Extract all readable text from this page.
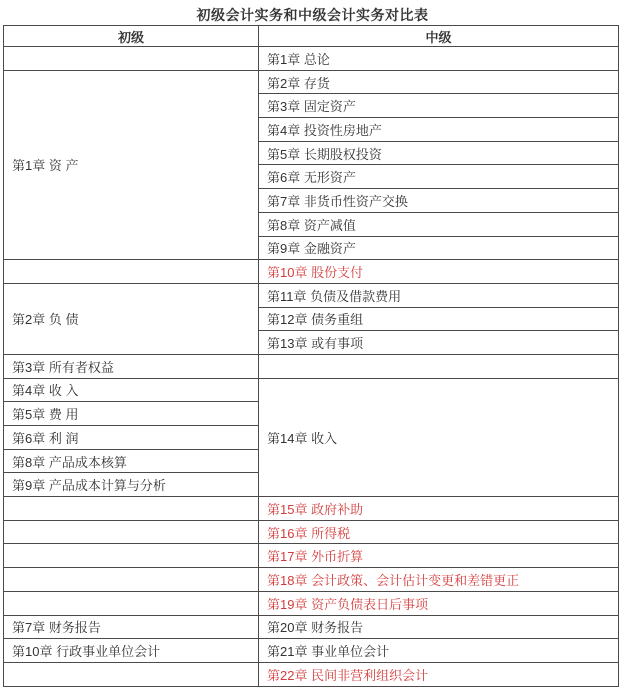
初级会计实务和中级会计实务对比表
初级	中级
	第1章 总论
第1章 资 产	第2章 存货
	第3章 固定资产
	第4章 投资性房地产
	第5章 长期股权投资
	第6章 无形资产
	第7章 非货币性资产交换
	第8章 资产减值
	第9章 金融资产
	第10章 股份支付
第2章 负 债	第11章 负债及借款费用
	第12章 债务重组
	第13章 或有事项
第3章 所有者权益	
第4章 收 入	第14章 收入
第5章 费 用	
第6章 利 润	
第8章 产品成本核算	
第9章 产品成本计算与分析	
	第15章 政府补助
	第16章 所得税
	第17章 外币折算
	第18章 会计政策、会计估计变更和差错更正
	第19章 资产负债表日后事项
第7章 财务报告	第20章 财务报告
第10章 行政事业单位会计	第21章 事业单位会计
	第22章 民间非营利组织会计
